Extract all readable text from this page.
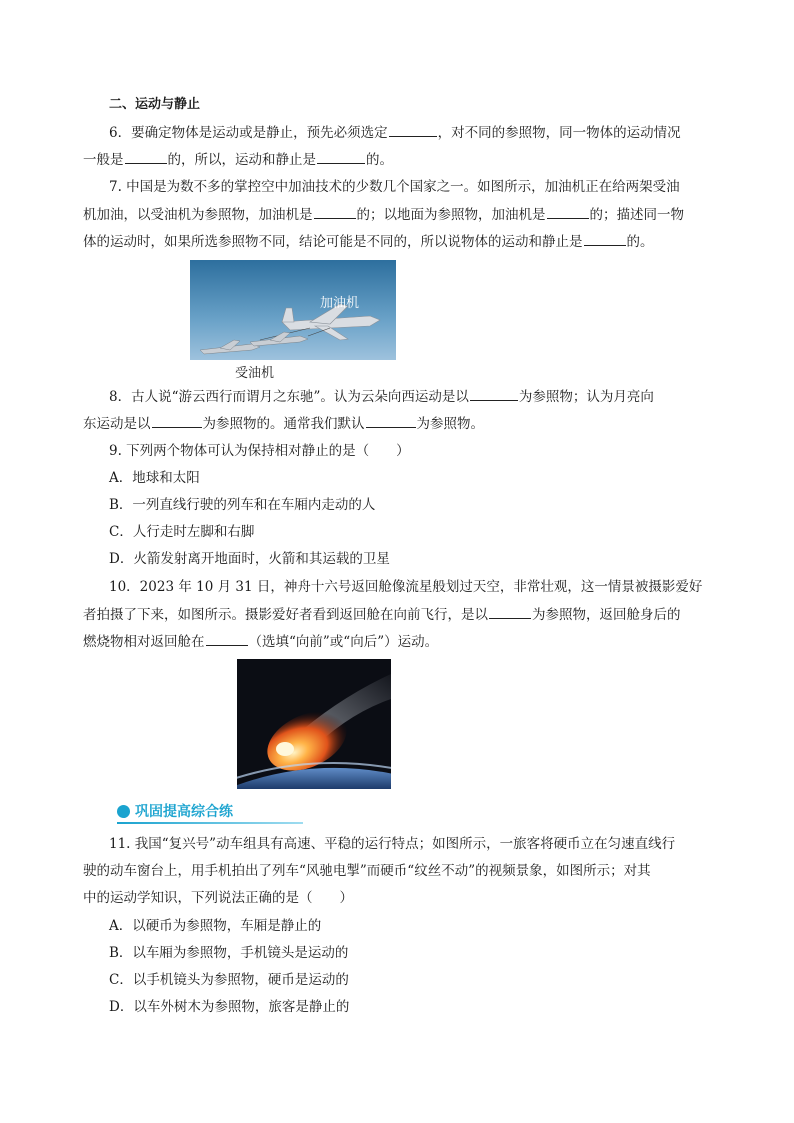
二、运动与静止
6．要确定物体是运动或是静止，预先必须选定	，对不同的参照物，同一物体的运动情况
一般是	的，所以，运动和静止是	的。
7. 中国是为数不多的掌控空中加油技术的少数几个国家之一。如图所示，加油机正在给两架受油
机加油，以受油机为参照物，加油机是	的；以地面为参照物，加油机是	的；描述同一物
体的运动时，如果所选参照物不同，结论可能是不同的，所以说物体的运动和静止是	的。
加油机
受油机
8．古人说“游云西行而谓月之东驰”。认为云朵向西运动是以	为参照物；认为月亮向
东运动是以	为参照物的。通常我们默认	为参照物。
9. 下列两个物体可认为保持相对静止的是（　　）
A．地球和太阳
B．一列直线行驶的列车和在车厢内走动的人
C．人行走时左脚和右脚
D．火箭发射离开地面时，火箭和其运载的卫星
10．2023 年 10 月 31 日，神舟十六号返回舱像流星般划过天空，非常壮观，这一情景被摄影爱好
者拍摄了下来，如图所示。摄影爱好者看到返回舱在向前飞行，是以	为参照物，返回舱身后的
燃烧物相对返回舱在	（选填“向前”或“向后”）运动。
巩固提高综合练
11. 我国“复兴号”动车组具有高速、平稳的运行特点；如图所示，一旅客将硬币立在匀速直线行
驶的动车窗台上，用手机拍出了列车“风驰电掣”而硬币“纹丝不动”的视频景象，如图所示；对其
中的运动学知识，下列说法正确的是（　　）
A．以硬币为参照物，车厢是静止的
B．以车厢为参照物，手机镜头是运动的
C．以手机镜头为参照物，硬币是运动的
D．以车外树木为参照物，旅客是静止的
